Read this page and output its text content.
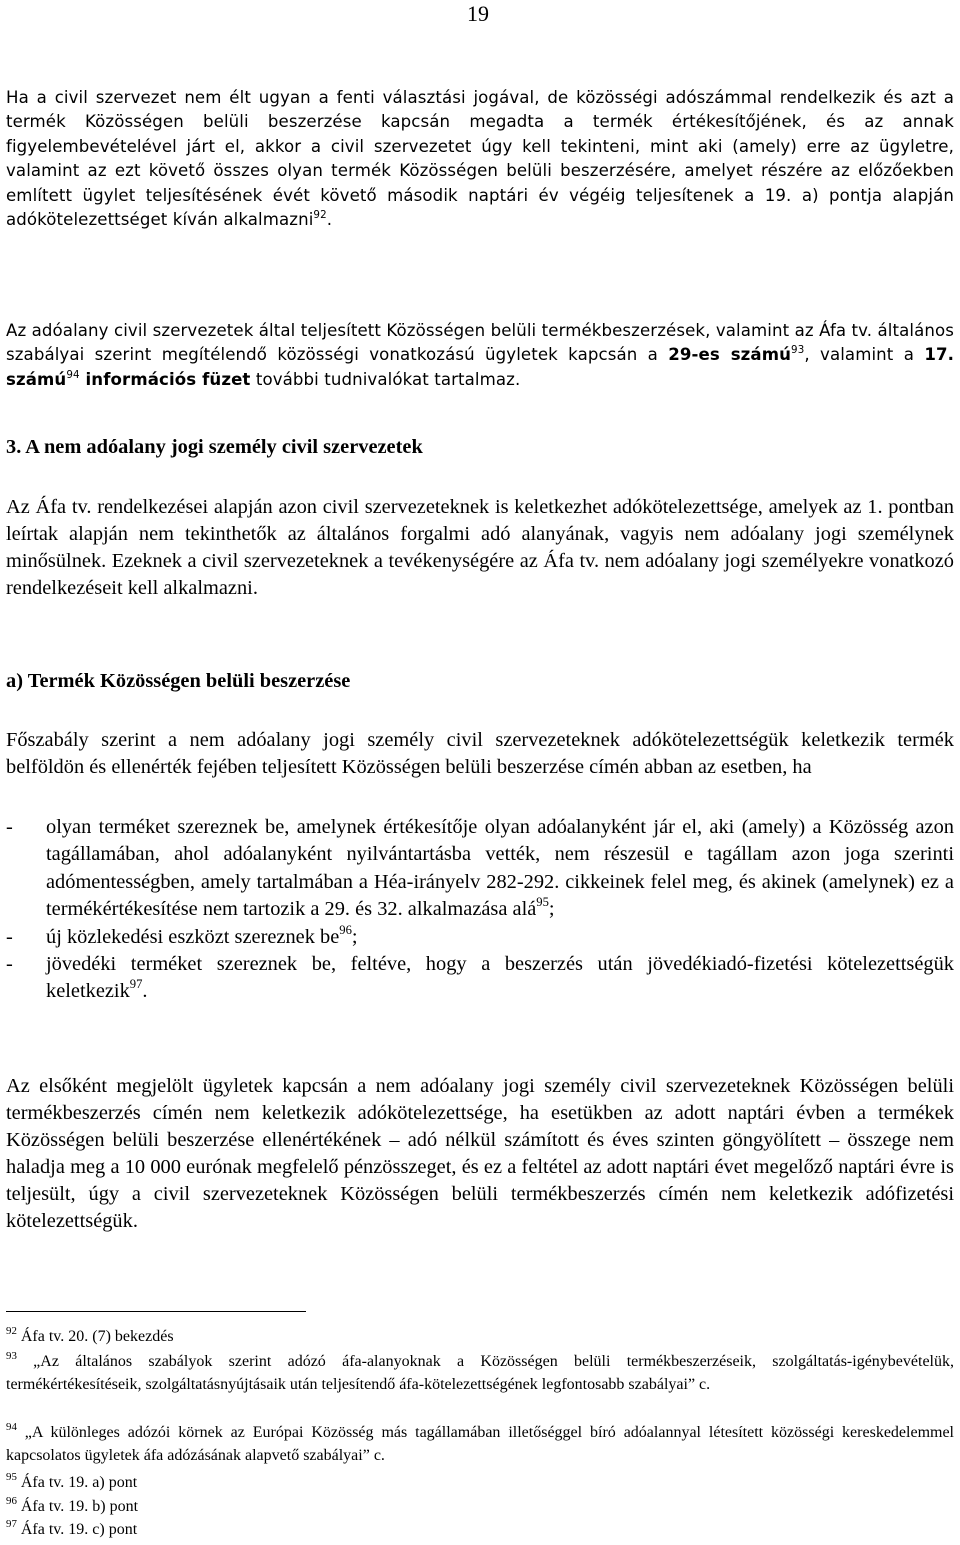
19

Ha a civil szervezet nem élt ugyan a fenti választási jogával, de közösségi adószámmal rendelkezik és azt a termék Közösségen belüli beszerzése kapcsán megadta a termék értékesítőjének, és az annak figyelembevételével járt el, akkor a civil szervezetet úgy kell tekinteni, mint aki (amely) erre az ügyletre, valamint az ezt követő összes olyan termék Közösségen belüli beszerzésére, amelyet részére az előzőekben említett ügylet teljesítésének évét követő második naptári év végéig teljesítenek a 19. a) pontja alapján adókötelezettséget kíván alkalmazni$^{92}$.

Az adóalany civil szervezetek által teljesített Közösségen belüli termékbeszerzések, valamint az Áfa tv. általános szabályai szerint megítélendő közösségi vonatkozású ügyletek kapcsán a 29-es számú$^{93}$, valamint a 17. számú$^{94}$ információs füzet további tudnivalókat tartalmaz.

3. A nem adóalany jogi személy civil szervezetek

Az Áfa tv. rendelkezései alapján azon civil szervezeteknek is keletkezhet adókötelezettsége, amelyek az 1. pontban leírtak alapján nem tekinthetők az általános forgalmi adó alanyának, vagyis nem adóalany jogi személynek minősülnek. Ezeknek a civil szervezeteknek a tevékenységére az Áfa tv. nem adóalany jogi személyekre vonatkozó rendelkezéseit kell alkalmazni.

a) Termék Közösségen belüli beszerzése

Főszabály szerint a nem adóalany jogi személy civil szervezeteknek adókötelezettségük keletkezik termék belföldön és ellenérték fejében teljesített Közösségen belüli beszerzése címén abban az esetben, ha

- olyan terméket szereznek be, amelynek értékesítője olyan adóalanyként jár el, aki (amely) a Közösség azon tagállamában, ahol adóalanyként nyilvántartásba vették, nem részesül e tagállam azon joga szerinti adómentességben, amely tartalmában a Héa-irányelv 282-292. cikkeinek felel meg, és akinek (amelynek) ez a termékértékesítése nem tartozik a 29. és 32. alkalmazása alá$^{95}$;
- új közlekedési eszközt szereznek $be^{96}$;
- jövedéki terméket szereznek be, feltéve, hogy a beszerzés után jövedékiadó-fizetési kötelezettségük keletkezik$^{97}$.

Az elsőként megjelölt ügyletek kapcsán a nem adóalany jogi személy civil szervezeteknek Közösségen belüli termékbeszerzés címén nem keletkezik adókötelezettsége, ha esetükben az adott naptári évben a termékek Közösségen belüli beszerzése ellenértékének – adó nélkül számított és éves szinten göngyölített – összege nem haladja meg a 10 000 eurónak megfelelő pénzösszeget, és ez a feltétel az adott naptári évet megelőző naptári évre is teljesült, úgy a civil szervezeteknek Közösségen belüli termékbeszerzés címén nem keletkezik adófizetési kötelezettségük.

$^{92}$ Áfa tv. 20. (7) bekezdés

$^{93}$ „Az általános szabályok szerint adózó áfa-alanyoknak a Közösségen belüli termékbeszerzéseik, szolgáltatás-igénybevételük, termékértékesítéseik, szolgáltatásnyújtásaik után teljesítendő áfa-kötelezettségének legfontosabb szabályai” c.

$^{94}$ „A különleges adózói körnek az Európai Közösség más tagállamában illetőséggel bíró adóalannyal létesített közösségi kereskedelemmel kapcsolatos ügyletek áfa adózásának alapvető szabályai” c.

$^{95}$ Áfa tv. 19. a) pont

$^{96}$ Áfa tv. 19. b) pont

$^{97}$ Áfa tv. 19. c) pont
